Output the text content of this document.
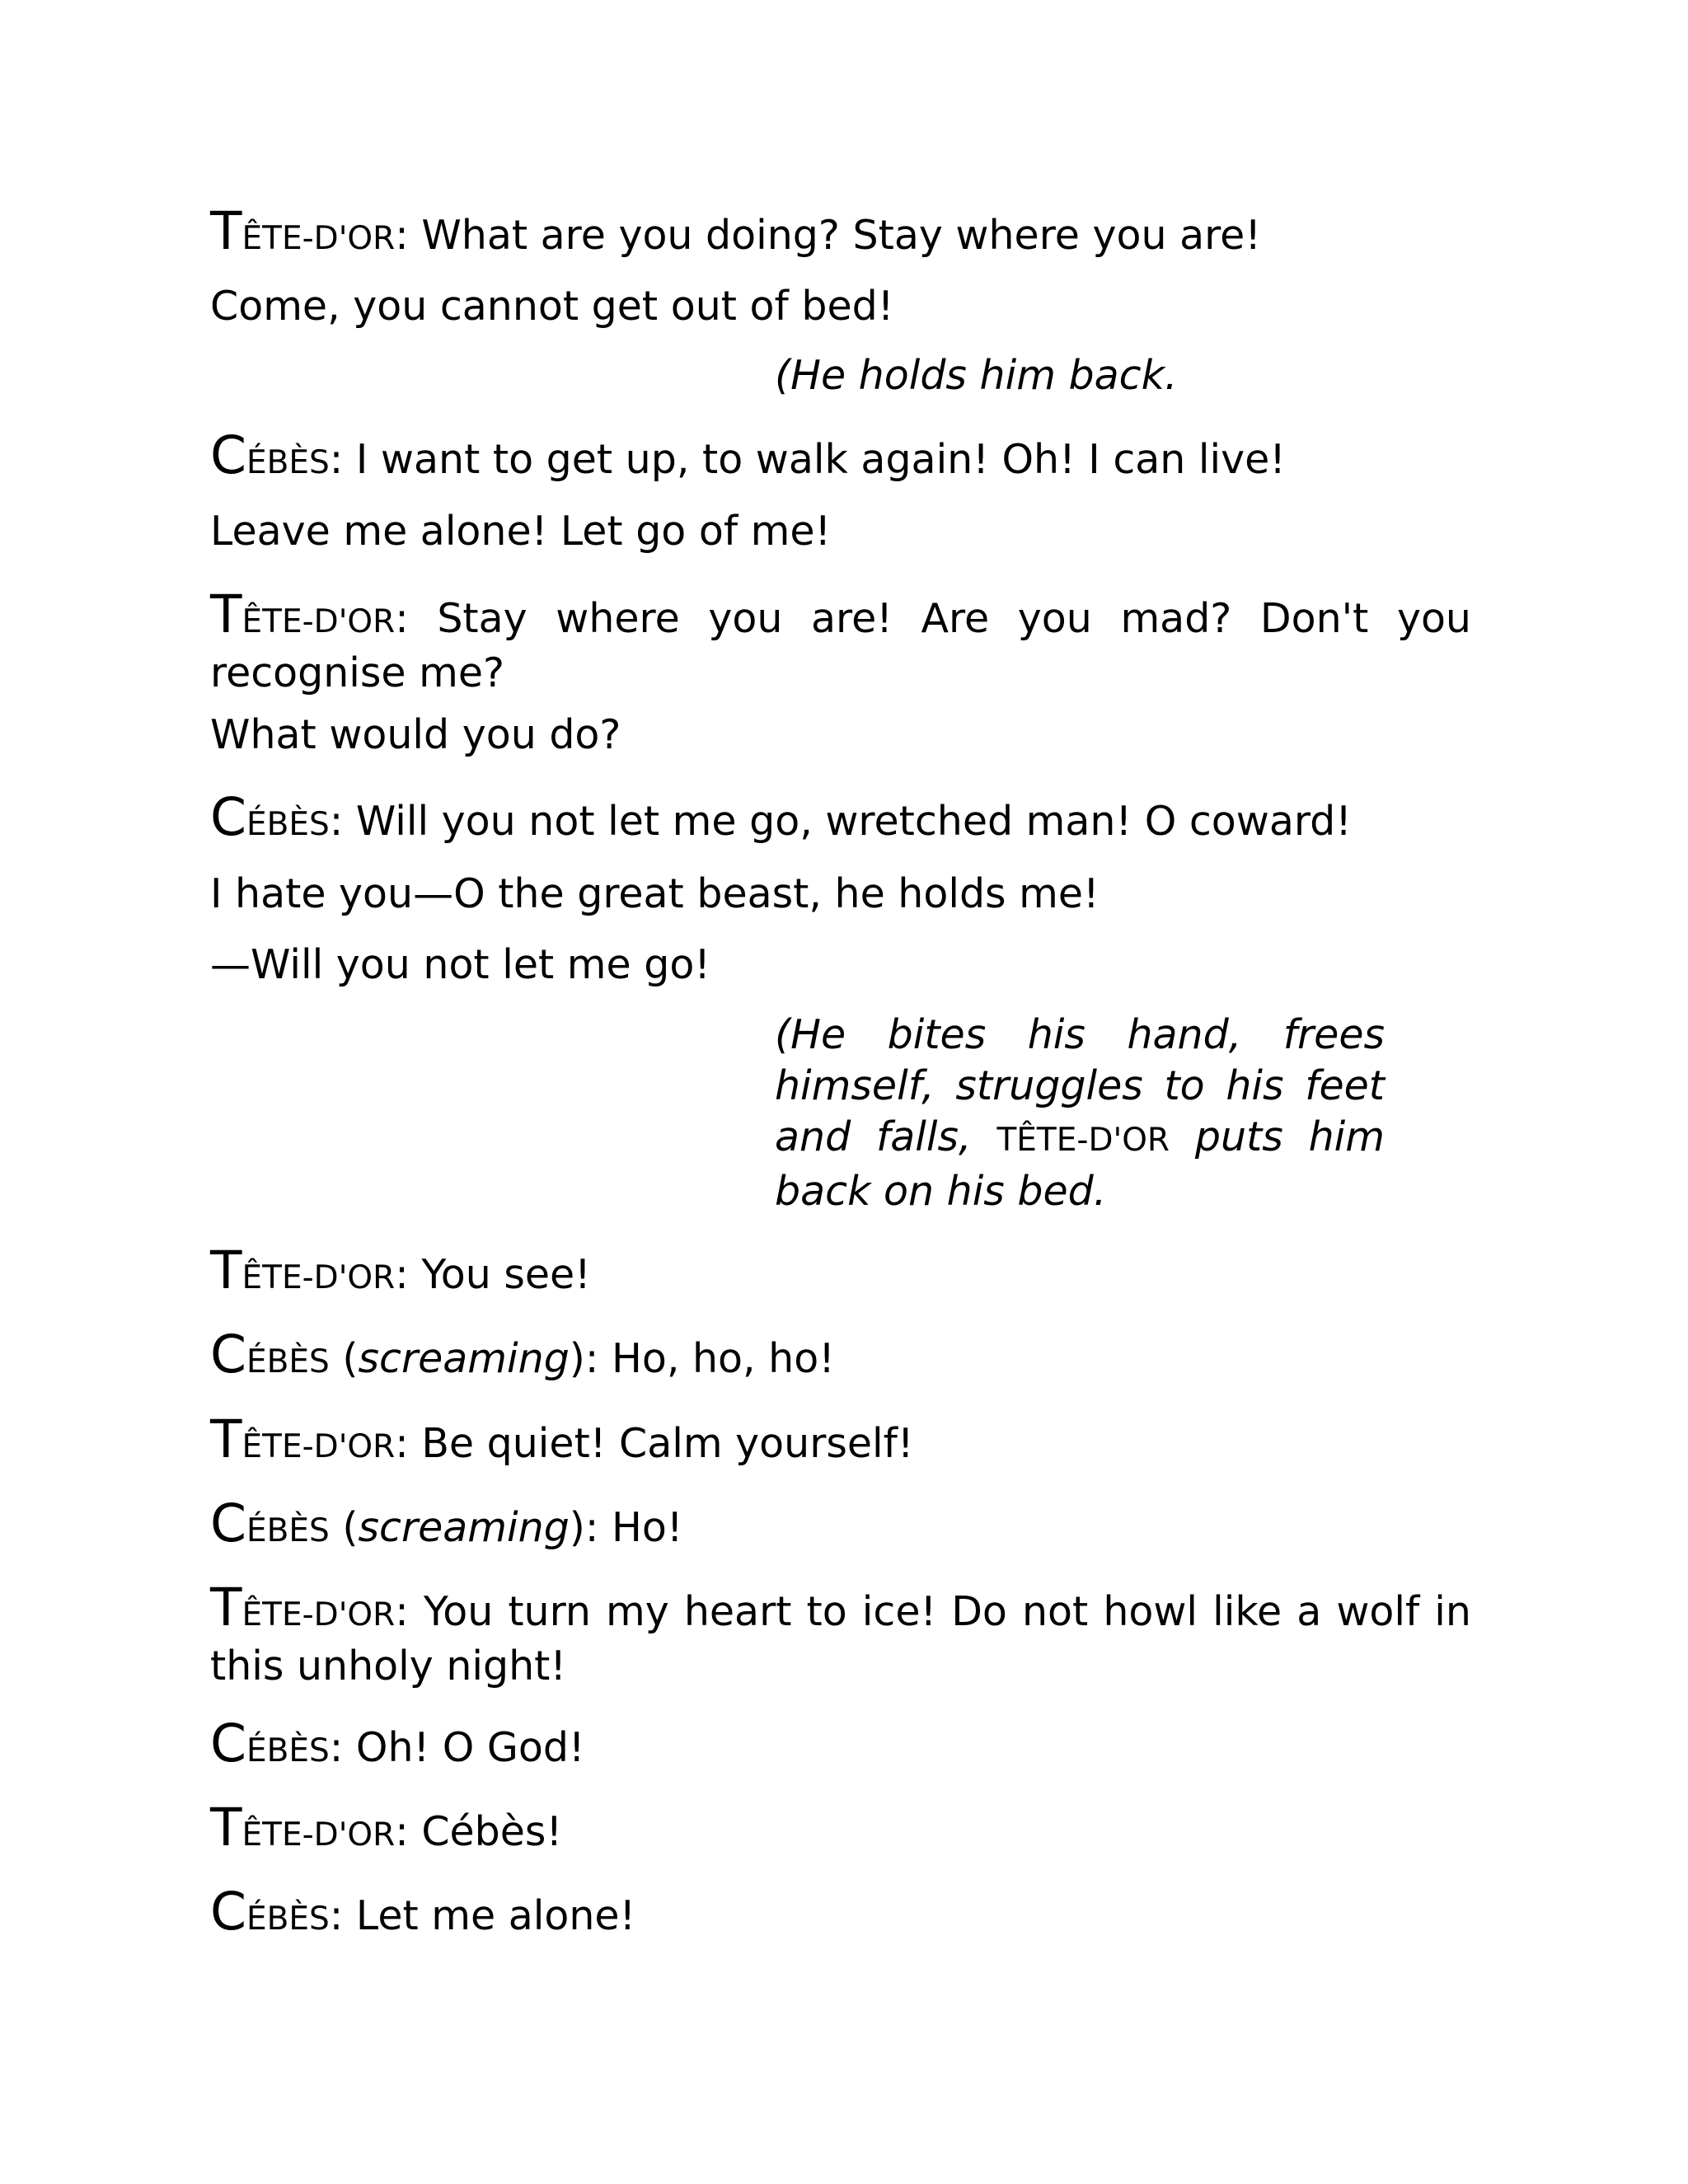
TÊTE-D'OR: What are you doing? Stay where you are!
Come, you cannot get out of bed!
(He holds him back.
CÉBÈS: I want to get up, to walk again! Oh! I can live!
Leave me alone! Let go of me!
TÊTE-D'OR: Stay where you are! Are you mad? Don't you recognise me?
What would you do?
CÉBÈS: Will you not let me go, wretched man! O coward!
I hate you—O the great beast, he holds me!
—Will you not let me go!
(He bites his hand, frees himself, struggles to his feet and falls, TÊTE-D'OR puts him back on his bed.
TÊTE-D'OR: You see!
CÉBÈS (screaming): Ho, ho, ho!
TÊTE-D'OR: Be quiet! Calm yourself!
CÉBÈS (screaming): Ho!
TÊTE-D'OR: You turn my heart to ice! Do not howl like a wolf in this unholy night!
CÉBÈS: Oh! O God!
TÊTE-D'OR: Cébès!
CÉBÈS: Let me alone!
